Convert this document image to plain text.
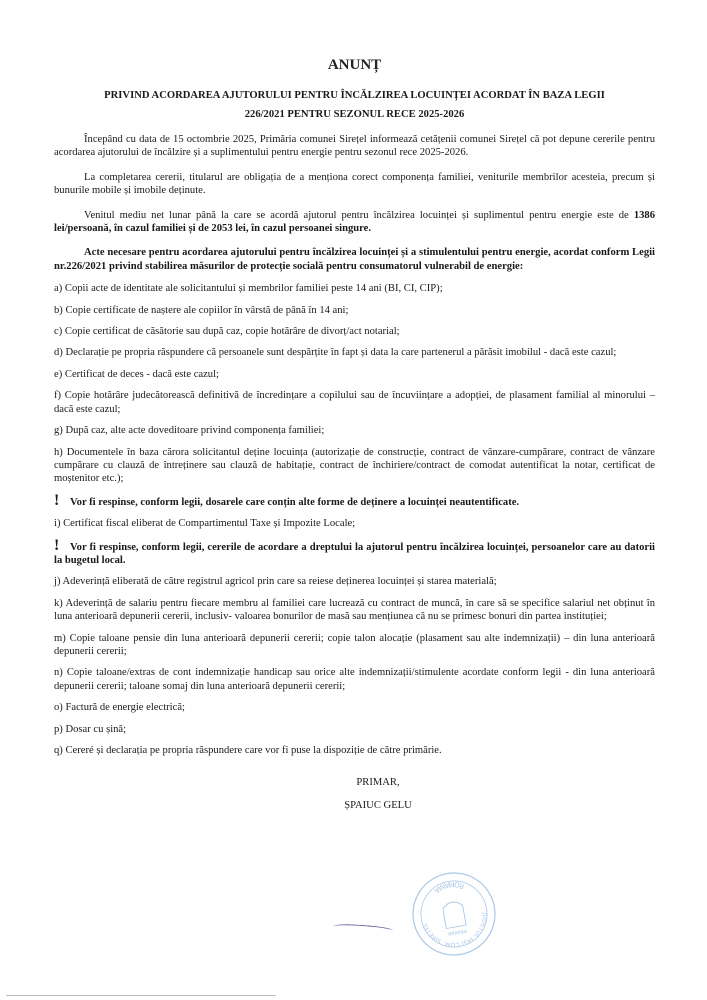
ANUNȚ
PRIVIND ACORDAREA AJUTORULUI PENTRU ÎNCĂLZIREA LOCUINȚEI ACORDAT ÎN BAZA LEGII
226/2021 PENTRU SEZONUL RECE 2025-2026

Începând cu data de 15 octombrie 2025, Primăria comunei Sirețel informează cetățenii comunei Sirețel că pot depune cererile pentru acordarea ajutorului de încălzire și a suplimentului pentru energie pentru sezonul rece 2025-2026.

La completarea cererii, titularul are obligația de a menționa corect componența familiei, veniturile membrilor acesteia, precum și bunurile mobile și imobile deținute.

Venitul mediu net lunar până la care se acordă ajutorul pentru încălzirea locuinței și suplimentul pentru energie este de 1386 lei/persoană, în cazul familiei și de 2053 lei, în cazul persoanei singure.

Acte necesare pentru acordarea ajutorului pentru încălzirea locuinței și a stimulentului pentru energie, acordat conform Legii nr.226/2021 privind stabilirea măsurilor de protecție socială pentru consumatorul vulnerabil de energie:

a) Copii acte de identitate ale solicitantului și membrilor familiei peste 14 ani (BI, CI, CIP);

b) Copie certificate de naștere ale copiilor în vârstă de până în 14 ani;

c) Copie certificat de căsătorie sau după caz, copie hotărâre de divorț/act notarial;

d) Declarație pe propria răspundere că persoanele sunt despărțite în fapt și data la care partenerul a părăsit imobilul - dacă este cazul;

e) Certificat de deces - dacă este cazul;

f) Copie hotărâre judecătorească definitivă de încredințare a copilului sau de încuviințare a adopției, de plasament familial al minorului – dacă este cazul;

g) După caz, alte acte doveditoare privind componența familiei;

h) Documentele în baza cărora solicitantul deține locuința (autorizație de construcție, contract de vânzare-cumpărare, contract de vânzare cumpărare cu clauză de întreținere sau clauză de habitație, contract de închiriere/contract de comodat autentificat la notar, certificat de moștenitor etc.);

! Vor fi respinse, conform legii, dosarele care conțin alte forme de deținere a locuinței neautentificate.

i) Certificat fiscal eliberat de Compartimentul Taxe și Impozite Locale;

! Vor fi respinse, conform legii, cererile de acordare a dreptului la ajutorul pentru încălzirea locuinței, persoanelor care au datorii la bugetul local.

j) Adeverință eliberată de către registrul agricol prin care sa reiese deținerea locuinței și starea materială;

k) Adeverință de salariu pentru fiecare membru al familiei care lucrează cu contract de muncă, în care să se specifice salariul net obținut în luna anterioară depunerii cererii, inclusiv- valoarea bonurilor de masă sau mențiunea că nu se primesc bonuri din partea instituției;

m) Copie taloane pensie din luna anterioară depunerii cererii; copie talon alocație (plasament sau alte indemnizații) – din luna anterioară depunerii cererii;

n) Copie taloane/extras de cont indemnizație handicap sau orice alte indemnizații/stimulente acordate conform legii - din luna anterioară depunerii cererii; taloane somaj din luna anterioară depunerii cererii;

o) Factură de energie electrică;

p) Dosar cu șină;

q) Cereré și declarația pe propria răspundere care vor fi puse la dispoziție de către primărie.

PRIMAR,
ȘPAIUC GELU
JUDEȚUL IAȘI COM. SIREȚEL
ROMANIA
PRIMAR
